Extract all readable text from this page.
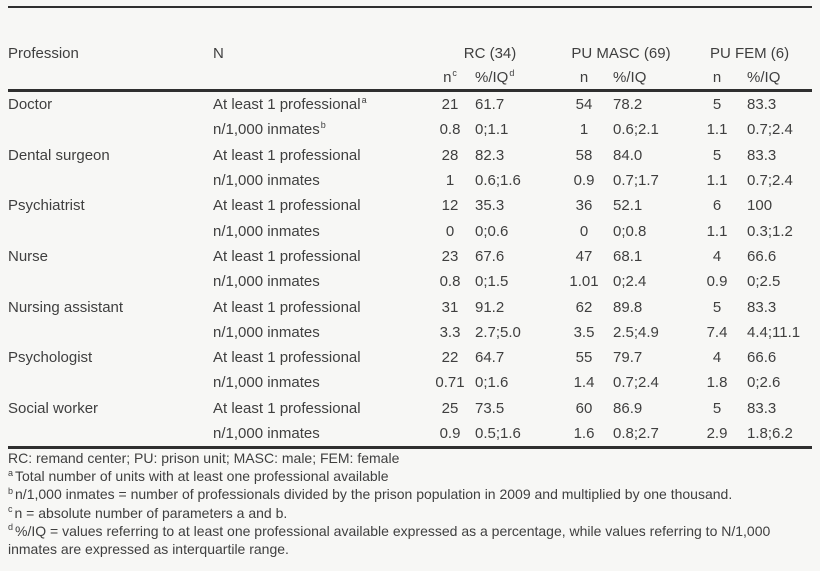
Profession	N	RC (34)		PU MASC (69)		PU FEM (6)	
		$n^c$	$\%/IQ^d$	n	%/IQ	n	%/IQ
Doctor	At least 1 professional$^a$	21	61.7	54	78.2	5	83.3
	n/1,000 inmates$^b$	0.8	0;1.1	1	0.6;2.1	1.1	0.7;2.4
Dental surgeon	At least 1 professional	28	82.3	58	84.0	5	83.3
	n/1,000 inmates	1	0.6;1.6	0.9	0.7;1.7	1.1	0.7;2.4
Psychiatrist	At least 1 professional	12	35.3	36	52.1	6	100
	n/1,000 inmates	0	0;0.6	0	0;0.8	1.1	0.3;1.2
Nurse	At least 1 professional	23	67.6	47	68.1	4	66.6
	n/1,000 inmates	0.8	0;1.5	1.01	0;2.4	0.9	0;2.5
Nursing assistant	At least 1 professional	31	91.2	62	89.8	5	83.3
	n/1,000 inmates	3.3	2.7;5.0	3.5	2.5;4.9	7.4	4.4;11.1
Psychologist	At least 1 professional	22	64.7	55	79.7	4	66.6
	n/1,000 inmates	0.71	0;1.6	1.4	0.7;2.4	1.8	0;2.6
Social worker	At least 1 professional	25	73.5	60	86.9	5	83.3
	n/1,000 inmates	0.9	0.5;1.6	1.6	0.8;2.7	2.9	1.8;6.2
RC: remand center; PU: prison unit; MASC: male; FEM: female
$^a$ Total number of units with at least one professional available
$^b$ n/1,000 inmates = number of professionals divided by the prison population in 2009 and multiplied by one thousand.
$^c$ n = absolute number of parameters a and b.
$^d$ %/IQ = values referring to at least one professional available expressed as a percentage, while values referring to N/1,000 inmates are expressed as interquartile range.
